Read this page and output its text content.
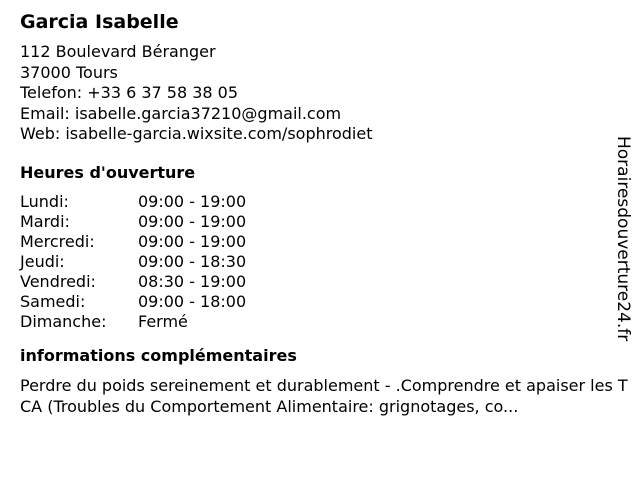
Garcia Isabelle
112 Boulevard Béranger
37000 Tours
Telefon: +33 6 37 58 38 05
Email: isabelle.garcia37210@gmail.com
Web: isabelle-garcia.wixsite.com/sophrodiet
Heures d'ouverture
Lundi:	09:00 - 19:00
Mardi:	09:00 - 19:00
Mercredi:	09:00 - 19:00
Jeudi:	09:00 - 18:30
Vendredi:	08:30 - 19:00
Samedi:	09:00 - 18:00
Dimanche:	Fermé
informations complémentaires
Perdre du poids sereinement et durablement - .Comprendre et apaiser les TCA (Troubles du Comportement Alimentaire: grignotages, co...
Horairesdouverture24.fr
